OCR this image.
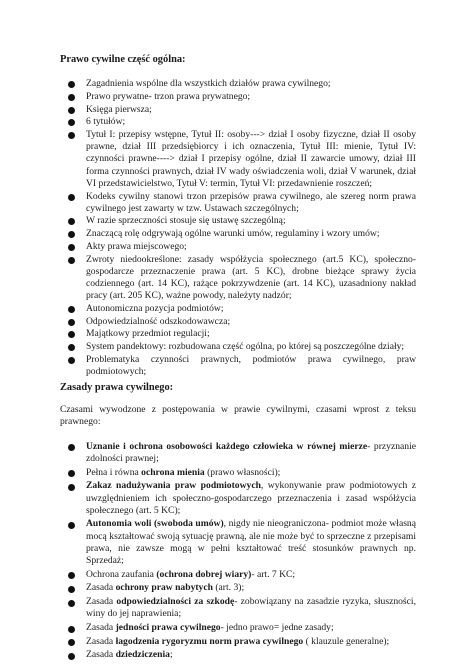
Prawo cywilne część ogólna:
Zagadnienia wspólne dla wszystkich działów prawa cywilnego;
Prawo prywatne- trzon prawa prywatnego;
Księga pierwsza;
6 tytułów;
Tytuł I: przepisy wstępne, Tytuł II: osoby---> dział I osoby fizyczne, dział II osoby prawne, dział III przedsiębiorcy i ich oznaczenia, Tytuł III: mienie, Tytuł IV: czynności prawne----> dział I przepisy ogólne, dział II zawarcie umowy, dział III forma czynności prawnych, dział IV wady oświadczenia woli, dział V warunek, dział VI przedstawicielstwo, Tytuł V: termin, Tytuł VI: przedawnienie roszczeń;
Kodeks cywilny stanowi trzon przepisów prawa cywilnego, ale szereg norm prawa cywilnego jest zawarty w tzw. Ustawach szczególnych;
W razie sprzeczności stosuje się ustawę szczególną;
Znaczącą rolę odgrywają ogólne warunki umów, regulaminy i wzory umów;
Akty prawa miejscowego;
Zwroty niedookreślone: zasady współżycia społecznego (art.5 KC), społeczno-gospodarcze przeznaczenie prawa (art. 5 KC), drobne bieżące sprawy życia codziennego (art. 14 KC), rażące pokrzywdzenie (art. 14 KC), uzasadniony nakład pracy (art. 205 KC), ważne powody, należyty nadzór;
Autonomiczna pozycja podmiotów;
Odpowiedzialność odszkodowawcza;
Majątkowy przedmiot regulacji;
System pandektowy: rozbudowana część ogólna, po której są poszczególne działy;
Problematyka czynności prawnych, podmiotów prawa cywilnego, praw podmiotowych;
Zasady prawa cywilnego:

Czasami wywodzone z postępowania w prawie cywilnymi, czasami wprost z teksu prawnego:

Uznanie i ochrona osobowości każdego człowieka w równej mierze- przyznanie zdolności prawnej;
Pełna i równa ochrona mienia (prawo własności);
Zakaz nadużywania praw podmiotowych, wykonywanie praw podmiotowych z uwzględnieniem ich społeczno-gospodarczego przeznaczenia i zasad współżycia społecznego (art. 5 KC);
Autonomia woli (swoboda umów), nigdy nie nieograniczona- podmiot może własną mocą kształtować swoją sytuację prawną, ale nie może być to sprzeczne z przepisami prawa, nie zawsze mogą w pełni kształtować treść stosunków prawnych np. Sprzedaż;
Ochrona zaufania (ochrona dobrej wiary)- art. 7 KC;
Zasada ochrony praw nabytych (art. 3);
Zasada odpowiedzialności za szkodę- zobowiązany na zasadzie ryzyka, słuszności, winy do jej naprawienia;
Zasada jedności prawa cywilnego- jedno prawo= jedne zasady;
Zasada łagodzenia rygoryzmu norm prawa cywilnego ( klauzule generalne);
Zasada dziedziczenia;
